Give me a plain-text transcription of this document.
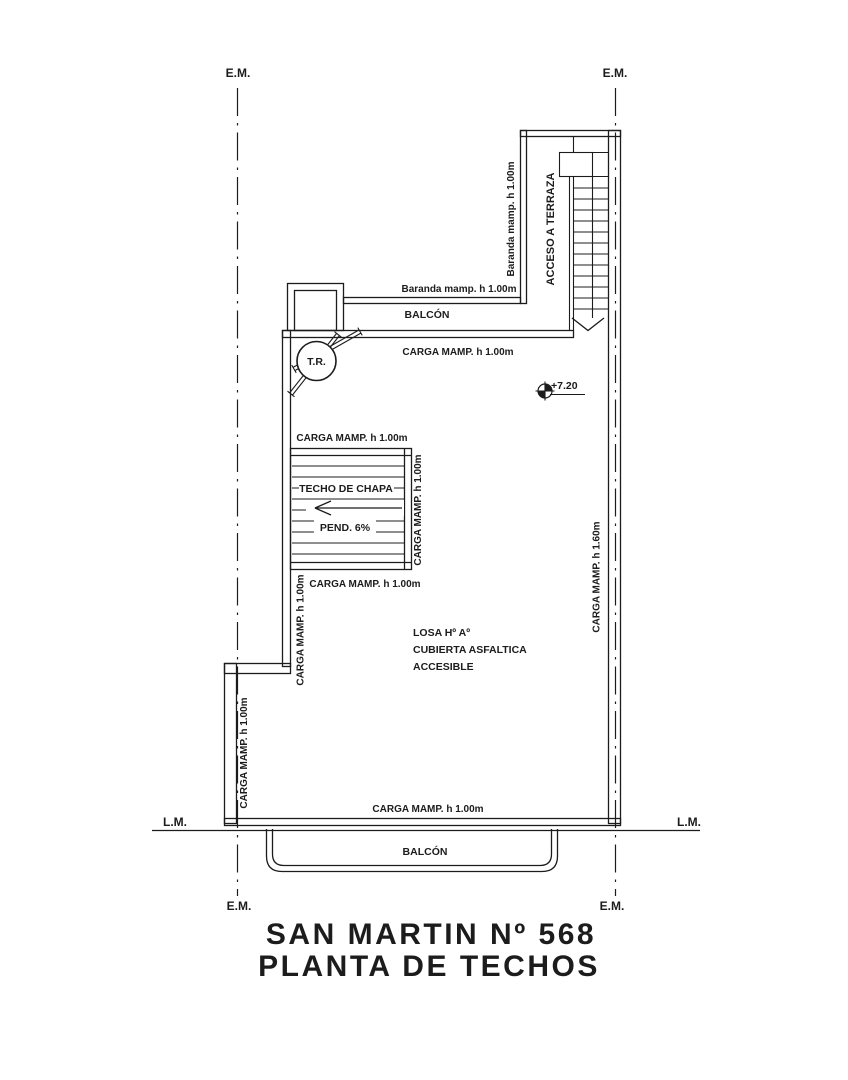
TECHO DE CHAPA
PEND. 6%
T.R.
+7.20
E.M.	E.M.
E.M.	E.M.
L.M.	L.M.
Baranda mamp. h 1.00m	ACCESO A TERRAZA
Baranda mamp. h 1.00m
BALCÓN
CARGA MAMP. h 1.00m
CARGA MAMP. h 1.00m
CARGA MAMP. h 1.00m
CARGA MAMP. h 1.00m
CARGA MAMP. h 1.00m	LOSA Hº Aº
CUBIERTA ASFALTICA
ACCESIBLE
CARGA MAMP. h 1.00m
CARGA MAMP. h 1.60m
CARGA MAMP. h 1.00m
BALCÓN
SAN MARTIN Nº 568
PLANTA DE TECHOS
